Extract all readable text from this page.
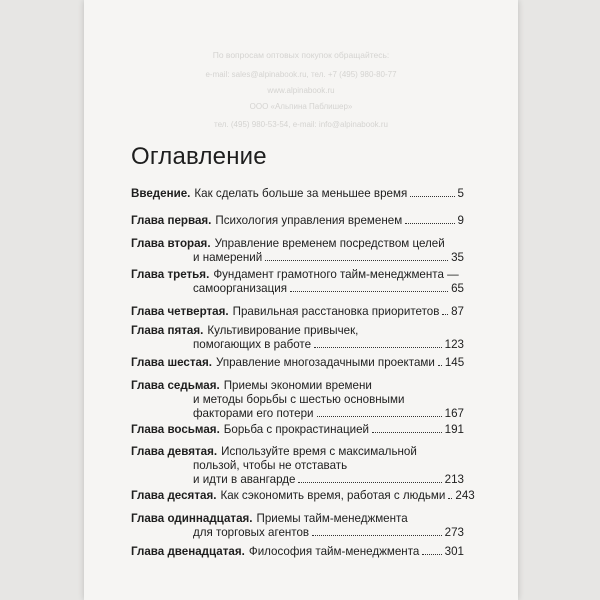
По вопросам оптовых покупок обращайтесь:
e-mail: sales@alpinabook.ru, тел. +7 (495) 980-80-77
www.alpinabook.ru
ООО «Альпина Паблишер»
тел. (495) 980-53-54, e-mail: info@alpinabook.ru
Оглавление
Введение. Как сделать больше за меньшее время	5
Глава первая. Психология управления временем	9
Глава вторая. Управление временем посредством целей
и намерений	35
Глава третья. Фундамент грамотного тайм-менеджмента —
самоорганизация	65
Глава четвертая. Правильная расстановка приоритетов 87
Глава пятая. Культивирование привычек,
помогающих в работе	123
Глава шестая. Управление многозадачными проектами 145
Глава седьмая. Приемы экономии времени
и методы борьбы с шестью основными
факторами его потери	167
Глава восьмая. Борьба с прокрастинацией	191
Глава девятая. Используйте время с максимальной
пользой, чтобы не отставать
и идти в авангарде	213
Глава десятая. Как сэкономить время, работая с людьми 243
Глава одиннадцатая. Приемы тайм-менеджмента
для торговых агентов	273
Глава двенадцатая. Философия тайм-менеджмента 301
